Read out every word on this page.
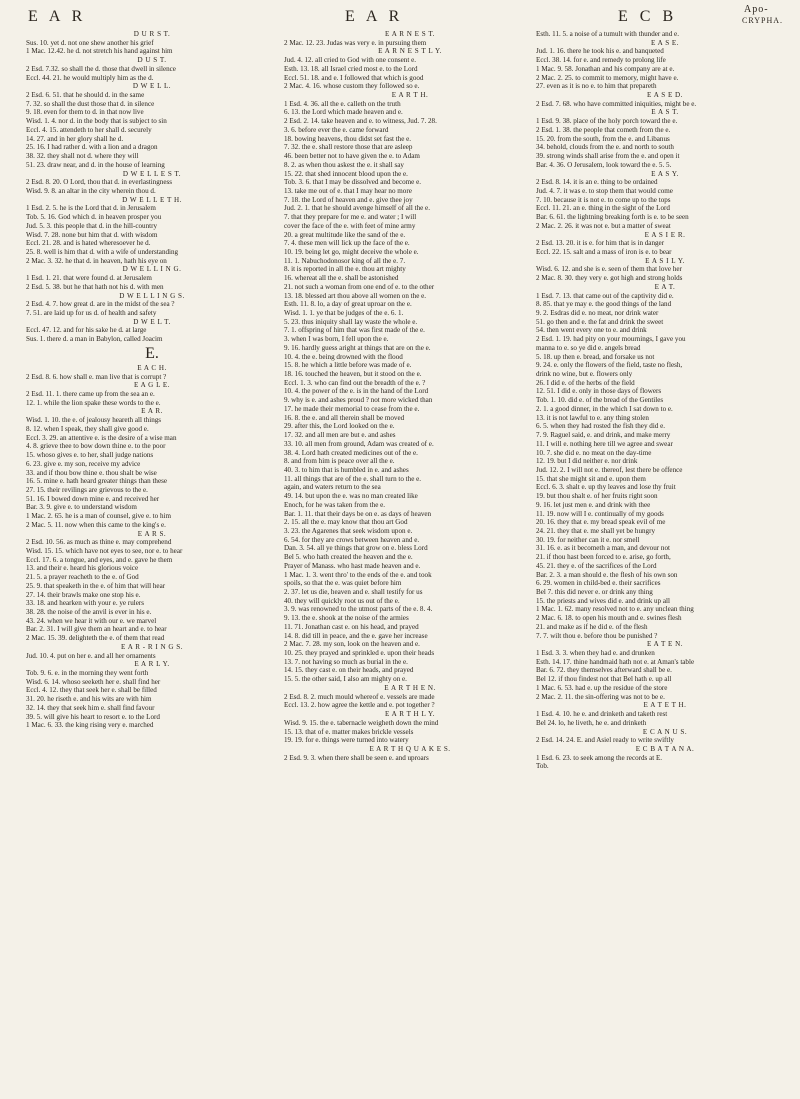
E A R	E A R	E C B	Apo-
CRYPHA.
D U R S T.
Sus. 10. yet d. not one shew another his grief
1 Mac. 12.42. he d. not stretch his hand against him
D U S T.
2 Esd. 7.32. so shall the d. those that dwell in silence
Eccl. 44. 21. he would multiply him as the d.
D W E L L.
2 Esd. 6. 51. that he should d. in the same
7. 32. so shall the dust those that d. in silence
9. 18. even for them to d. in that now live
Wisd. 1. 4. nor d. in the body that is subject to sin
Eccl. 4. 15. attendeth to her shall d. securely
14. 27. and in her glory shall he d.
25. 16. I had rather d. with a lion and a dragon
38. 32. they shall not d. where they will
51. 23. draw near, and d. in the house of learning
D W E L L E S T.
2 Esd. 8. 20. O Lord, thou that d. in everlastingness
Wisd. 9. 8. an altar in the city wherein thou d.
D W E L L E T H.
1 Esd. 2. 5. he is the Lord that d. in Jerusalem
Tob. 5. 16. God which d. in heaven prosper you
Jud. 5. 3. this people that d. in the hill-country
Wisd. 7. 28. none but him that d. with wisdom
Eccl. 21. 28. and is hated wheresoever he d.
25. 8. well is him that d. with a wife of understanding
2 Mac. 3. 32. he that d. in heaven, hath his eye on
D W E L L I N G.
1 Esd. 1. 21. that were found d. at Jerusalem
2 Esd. 5. 38. but he that hath not his d. with men
D W E L L I N G S.
2 Esd. 4. 7. how great d. are in the midst of the sea ?
7. 51. are laid up for us d. of health and safety
D W E L T.
Eccl. 47. 12. and for his sake he d. at large
Sus. 1. there d. a man in Babylon, called Joacim
E.
E A C H.
2 Esd. 8. 6. how shall e. man live that is corrupt ?
E A G L E.
2 Esd. 11. 1. there came up from the sea an e.
12. 1. while the lion spake these words to the e.
E A R.
Wisd. 1. 10. the e. of jealousy heareth all things
8. 12. when I speak, they shall give good e.
Eccl. 3. 29. an attentive e. is the desire of a wise man
4. 8. grieve thee to bow down thine e. to the poor
15. whoso gives e. to her, shall judge nations
6. 23. give e. my son, receive my advice
33. and if thou bow thine e. thou shalt be wise
16. 5. mine e. hath heard greater things than these
27. 15. their revilings are grievous to the e.
51. 16. I bowed down mine e. and received her
Bar. 3. 9. give e. to understand wisdom
1 Mac. 2. 65. he is a man of counsel, give e. to him
2 Mac. 5. 11. now when this came to the king's e.
E A R S.
2 Esd. 10. 56. as much as thine e. may comprehend
Wisd. 15. 15. which have not eyes to see, nor e. to hear
Eccl. 17. 6. a tongue, and eyes, and e. gave he them
13. and their e. heard his glorious voice
21. 5. a prayer reacheth to the e. of God
25. 9. that speaketh in the e. of him that will hear
27. 14. their brawls make one stop his e.
33. 18. and hearken with your e. ye rulers
38. 28. the noise of the anvil is ever in his e.
43. 24. when we hear it with our e. we marvel
Bar. 2. 31. I will give them an heart and e. to hear
2 Mac. 15. 39. delighteth the e. of them that read
E A R - R I N G S.
Jud. 10. 4. put on her e. and all her ornaments
E A R L Y.
Tob. 9. 6. e. in the morning they went forth
Wisd. 6. 14. whoso seeketh her e. shall find her
Eccl. 4. 12. they that seek her e. shall be filled
31. 20. he riseth e. and his wits are with him
32. 14. they that seek him e. shall find favour
39. 5. will give his heart to resort e. to the Lord
1 Mac. 6. 33. the king rising very e. marched
E A R N E S T.
2 Mac. 12. 23. Judas was very e. in pursuing them
E A R N E S T L Y.
Jud. 4. 12. all cried to God with one consent e.
Esth. 13. 18. all Israel cried most e. to the Lord
Eccl. 51. 18. and e. I followed that which is good
2 Mac. 4. 16. whose custom they followed so e.
E A R T H.
1 Esd. 4. 36. all the e. calleth on the truth
6. 13. the Lord which made heaven and e.
2 Esd. 2. 14. take heaven and e. to witness, Jud. 7. 28.
3. 6. before ever the e. came forward
18. bowing heavens, thou didst set fast the e.
7. 32. the e. shall restore those that are asleep
46. been better not to have given the e. to Adam
8. 2. as when thou askest the e. it shall say
15. 22. that shed innocent blood upon the e.
Tob. 3. 6. that I may be dissolved and become e.
13. take me out of e. that I may hear no more
7. 18. the Lord of heaven and e. give thee joy
Jud. 2. 1. that he should avenge himself of all the e.
7. that they prepare for me e. and water ; I will
cover the face of the e. with feet of mine army
20. a great multitude like the sand of the e.
7. 4. these men will lick up the face of the e.
10. 19. being let go, might deceive the whole e.
11. 1. Nabuchodonosor king of all the e. 7.
8. it is reported in all the e. thou art mighty
16. whereat all the e. shall be astonished
21. not such a woman from one end of e. to the other
13. 18. blessed art thou above all women on the e.
Esth. 11. 8. lo, a day of great uproar on the e.
Wisd. 1. 1. ye that be judges of the e. 6. 1.
5. 23. thus iniquity shall lay waste the whole e.
7. 1. offspring of him that was first made of the e.
3. when I was born, I fell upon the e.
9. 16. hardly guess aright at things that are on the e.
10. 4. the e. being drowned with the flood
15. 8. he which a little before was made of e.
18. 16. touched the heaven, but it stood on the e.
Eccl. 1. 3. who can find out the breadth of the e. ?
10. 4. the power of the e. is in the hand of the Lord
9. why is e. and ashes proud ? not more wicked than
17. he made their memorial to cease from the e.
16. 8. the e. and all therein shall be moved
29. after this, the Lord looked on the e.
17. 32. and all men are but e. and ashes
33. 10. all men from ground, Adam was created of e.
38. 4. Lord hath created medicines out of the e.
8. and from him is peace over all the e.
40. 3. to him that is humbled in e. and ashes
11. all things that are of the e. shall turn to the e.
again, and waters return to the sea
49. 14. but upon the e. was no man created like
Enoch, for he was taken from the e.
Bar. 1. 11. that their days be on e. as days of heaven
2. 15. all the e. may know that thou art God
3. 23. the Agarenes that seek wisdom upon e.
6. 54. for they are crows between heaven and e.
Dan. 3. 54. all ye things that grow on e. bless Lord
Bel 5. who hath created the heaven and the e.
Prayer of Manass. who hast made heaven and e.
1 Mac. 1. 3. went thro' to the ends of the e. and took
spoils, so that the e. was quiet before him
2. 37. let us die, heaven and e. shall testify for us
40. they will quickly root us out of the e.
3. 9. was renowned to the utmost parts of the e. 8. 4.
9. 13. the e. shook at the noise of the armies
11. 71. Jonathan cast e. on his head, and prayed
14. 8. did till in peace, and the e. gave her increase
2 Mac. 7. 28. my son, look on the heaven and e.
10. 25. they prayed and sprinkled e. upon their heads
13. 7. not having so much as burial in the e.
14. 15. they cast e. on their heads, and prayed
15. 5. the other said, I also am mighty on e.
E A R T H E N.
2 Esd. 8. 2. much mould whereof e. vessels are made
Eccl. 13. 2. how agree the kettle and e. pot together ?
E A R T H L Y.
Wisd. 9. 15. the e. tabernacle weigheth down the mind
15. 13. that of e. matter makes brickle vessels
19. 19. for e. things were turned into watery
E A R T H Q U A K E S.
2 Esd. 9. 3. when there shall be seen e. and uproars
Esth. 11. 5. a noise of a tumult with thunder and e.
E A S E.
Jud. 1. 16. there he took his e. and banqueted
Eccl. 38. 14. for e. and remedy to prolong life
1 Mac. 9. 58. Jonathan and his company are at e.
2 Mac. 2. 25. to commit to memory, might have e.
27. even as it is no e. to him that prepareth
E A S E D.
2 Esd. 7. 68. who have committed iniquities, might be e.
E A S T.
1 Esd. 9. 38. place of the holy porch toward the e.
2 Esd. 1. 38. the people that cometh from the e.
15. 20. from the south, from the e. and Libanus
34. behold, clouds from the e. and north to south
39. strong winds shall arise from the e. and open it
Bar. 4. 36. O Jerusalem, look toward the e. 5. 5.
E A S Y.
2 Esd. 8. 14. it is an e. thing to be ordained
Jud. 4. 7. it was e. to stop them that would come
7. 10. because it is not e. to come up to the tops
Eccl. 11. 21. an e. thing in the sight of the Lord
Bar. 6. 61. the lightning breaking forth is e. to be seen
2 Mac. 2. 26. it was not e. but a matter of sweat
E A S I E R.
2 Esd. 13. 20. it is e. for him that is in danger
Eccl. 22. 15. salt and a mass of iron is e. to bear
E A S I L Y.
Wisd. 6. 12. and she is e. seen of them that love her
2 Mac. 8. 30. they very e. got high and strong holds
E A T.
1 Esd. 7. 13. that came out of the captivity did e.
8. 85. that ye may e. the good things of the land
9. 2. Esdras did e. no meat, nor drink water
51. go then and e. the fat and drink the sweet
54. then went every one to e. and drink
2 Esd. 1. 19. had pity on your mournings, I gave you
manna to e. so ye did e. angels bread
5. 18. up then e. bread, and forsake us not
9. 24. e. only the flowers of the field, taste no flesh,
drink no wine, but e. flowers only
26. I did e. of the herbs of the field
12. 51. I did e. only in those days of flowers
Tob. 1. 10. did e. of the bread of the Gentiles
2. 1. a good dinner, in the which I sat down to e.
13. it is not lawful to e. any thing stolen
6. 5. when they had rosted the fish they did e.
7. 9. Raguel said, e. and drink, and make merry
11. I will e. nothing here till we agree and swear
10. 7. she did e. no meat on the day-time
12. 19. but I did neither e. nor drink
Jud. 12. 2. I will not e. thereof, lest there be offence
15. that she might sit and e. upon them
Eccl. 6. 3. shalt e. up thy leaves and lose thy fruit
19. but thou shalt e. of her fruits right soon
9. 16. let just men e. and drink with thee
11. 19. now will I e. continually of my goods
20. 16. they that e. my bread speak evil of me
24. 21. they that e. me shall yet be hungry
30. 19. for neither can it e. nor smell
31. 16. e. as it becometh a man, and devour not
21. if thou hast been forced to e. arise, go forth,
45. 21. they e. of the sacrifices of the Lord
Bar. 2. 3. a man should e. the flesh of his own son
6. 29. women in child-bed e. their sacrifices
Bel 7. this did never e. or drink any thing
15. the priests and wives did e. and drink up all
1 Mac. 1. 62. many resolved not to e. any unclean thing
2 Mac. 6. 18. to open his mouth and e. swines flesh
21. and make as if he did e. of the flesh
7. 7. wilt thou e. before thou be punished ?
E A T E N.
1 Esd. 3. 3. when they had e. and drunken
Esth. 14. 17. thine handmaid hath not e. at Aman's table
Bar. 6. 72. they themselves afterward shall be e.
Bel 12. if thou findest not that Bel hath e. up all
1 Mac. 6. 53. had e. up the residue of the store
2 Mac. 2. 11. the sin-offering was not to be e.
E A T E T H.
1 Esd. 4. 10. he e. and drinketh and taketh rest
Bel 24. lo, he liveth, he e. and drinketh
E C A N U S.
2 Esd. 14. 24. E. and Asiel ready to write swiftly
E C B A T A N A.
1 Esd. 6. 23. to seek among the records at E.
Tob.
